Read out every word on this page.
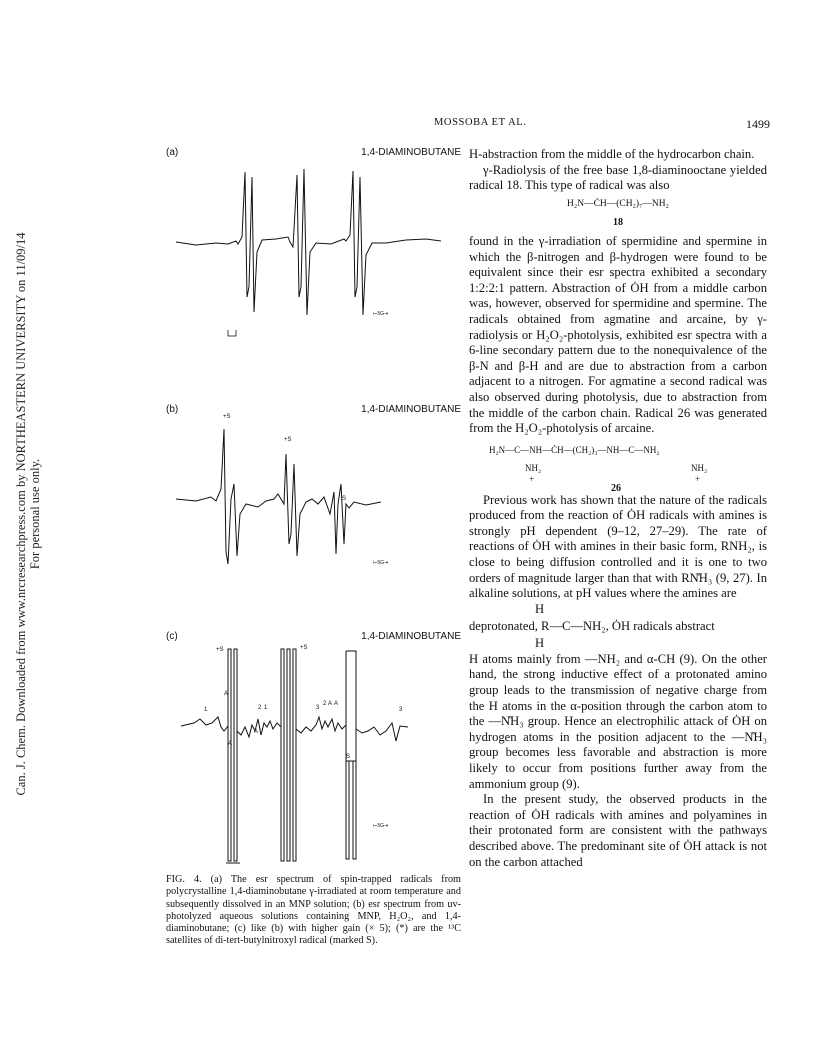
Can. J. Chem. Downloaded from www.nrcresearchpress.com by NORTHEASTERN UNIVERSITY on 11/09/14
For personal use only.
MOSSOBA ET AL.	1499
(a)	1,4-DIAMINOBUTANE
⊢5G⇥
(b)	1,4-DIAMINOBUTANE
+S
+S
S
⊢5G⇥
(c)	1,4-DIAMINOBUTANE
+S	+S
S
1
A
2 1	3
2 A A
3
A
A
⊢5G⇥
FIG. 4. (a) The esr spectrum of spin-trapped radicals from polycrystalline 1,4-diaminobutane γ-irradiated at room temperature and subsequently dissolved in an MNP solution; (b) esr spectrum from uv-photolyzed aqueous solutions containing MNP, H₂O₂, and 1,4-diaminobutane; (c) like (b) with higher gain (× 5); (*) are the ¹³C satellites of di-tert-butylnitroxyl radical (marked S).

H-abstraction from the middle of the hydrocarbon chain.

γ-Radiolysis of the free base 1,8-diaminooctane yielded radical 18. This type of radical was also

H₂N—ĊH—(CH₂)₇—NH₂
18

found in the γ-irradiation of spermidine and spermine in which the β-nitrogen and β-hydrogen were found to be equivalent since their esr spectra exhibited a secondary 1:2:2:1 pattern. Abstraction of ȮH from a middle carbon was, however, observed for spermidine and spermine. The radicals obtained from agmatine and arcaine, by γ-radiolysis or H₂O₂-photolysis, exhibited esr spectra with a 6-line secondary pattern due to the nonequivalence of the β-N and β-H and are due to abstraction from a carbon adjacent to a nitrogen. For agmatine a second radical was also observed during photolysis, due to abstraction from the middle of the carbon chain. Radical 26 was generated from the H₂O₂-photolysis of arcaine.

H₂N—C—NH—ĊH—(CH₂)₃—NH—C—NH₂
NH₂
+
NH₂
+
26

Previous work has shown that the nature of the radicals produced from the reaction of ȮH radicals with amines is strongly pH dependent (9–12, 27–29). The rate of reactions of ȮH with amines in their basic form, RNH₂, is close to being diffusion controlled and it is one to two orders of magnitude larger than that with RN̊H₃ (9, 27). In alkaline solutions, at pH values where the amines are

H
deprotonated, R—C—NH₂, ȮH radicals abstract
H

H atoms mainly from —NH₂ and α-CH (9). On the other hand, the strong inductive effect of a protonated amino group leads to the transmission of negative charge from the H atoms in the α-position through the carbon atom to the —N̊H₃ group. Hence an electrophilic attack of ȮH on hydrogen atoms in the position adjacent to the —N̊H₃ group becomes less favorable and abstraction is more likely to occur from positions further away from the ammonium group (9).

In the present study, the observed products in the reaction of ȮH radicals with amines and polyamines in their protonated form are consistent with the pathways described above. The predominant site of ȮH attack is not on the carbon attached
